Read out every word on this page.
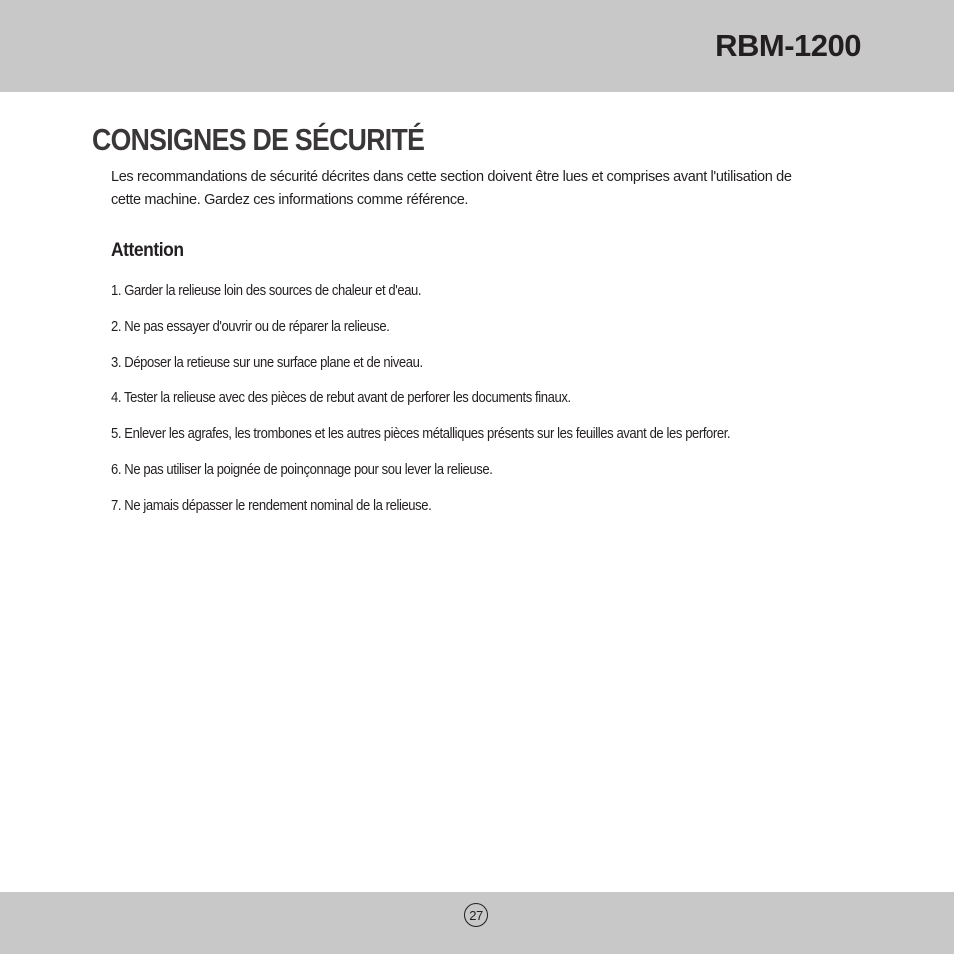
RBM-1200
CONSIGNES DE SÉCURITÉ

Les recommandations de sécurité décrites dans cette section doivent être lues et comprises avant l'utilisation de cette machine. Gardez ces informations comme référence.

Attention
1. Garder la relieuse loin des sources de chaleur et d'eau.
2. Ne pas essayer d'ouvrir ou de réparer la relieuse.
3. Déposer la retieuse sur une surface plane et de niveau.
4. Tester la relieuse avec des pièces de rebut avant de perforer les documents finaux.
5. Enlever les agrafes, les trombones et les autres pièces métalliques présents sur les feuilles avant de les perforer.
6. Ne pas utiliser la poignée de poinçonnage pour sou lever la relieuse.
7. Ne jamais dépasser le rendement nominal de la relieuse.
27
